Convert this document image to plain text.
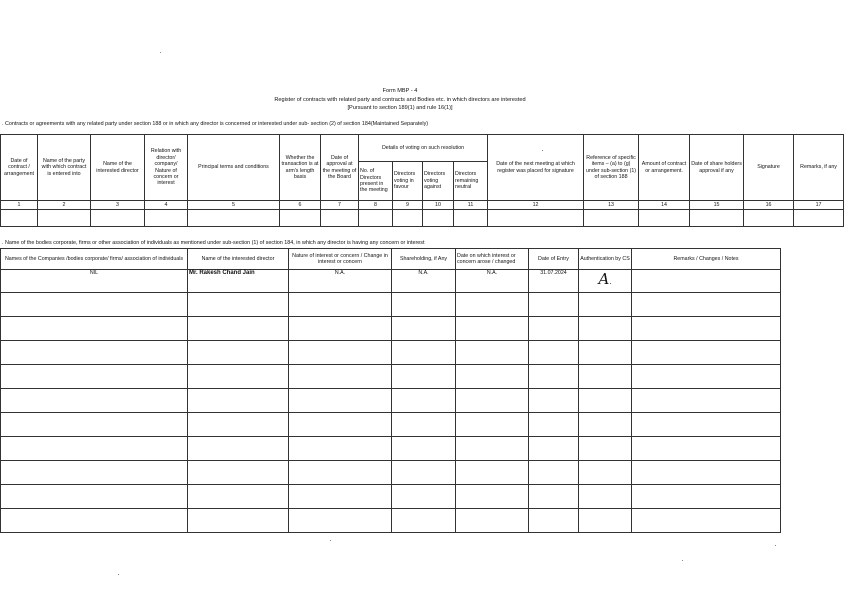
Form MBP - 4
Register of contracts with related party and contracts and Bodies etc. in which directors are interested
[Pursuant to section 189(1) and rule 16(1)]
. Contracts or agreements with any related party under section 188 or in which any director is concerned or interested under sub- section (2) of section 184(Maintained Separately)
Date of contract / arrangement	Name of the party with which contract is entered into	Name of the interested director	Relation with director/ company/ Nature of concern or interest	Principal terms and conditions	Whether the transaction is at arm's length basis	Date of approval at the meeting of the Board	Details of voting on such resolution				Date of the next meeting at which register was placed for signature	Reference of specific items – (a) to (g) under sub-section (1) of section 188	Amount of contract or arrangement.	Date of share holders approval if any	Signature	Remarks, if any
							No. of Directors present in the meeting	Directors voting in favour	Directors voting against	Directors remaining neutral						
1	2	3	4	5	6	7	8	9	10	11	12	13	14	15	16	17

. Name of the bodies corporate, firms or other association of individuals as mentioned under sub-section (1) of section 184, in which any director is having any concern or interest
Names of the Companies /bodies corporate/ firms/ association of individuals	Name of the interested director	Nature of interest or concern / Change in interest or concern	Shareholding, if Any	Date on which interest or concern arose / changed	Date of Entry	Authentication by CS	Remarks / Changes / Notes
NIL	Mr. Rakesh Chand Jain	N.A.	N.A.	N.A.	31.07.2024	A.	
